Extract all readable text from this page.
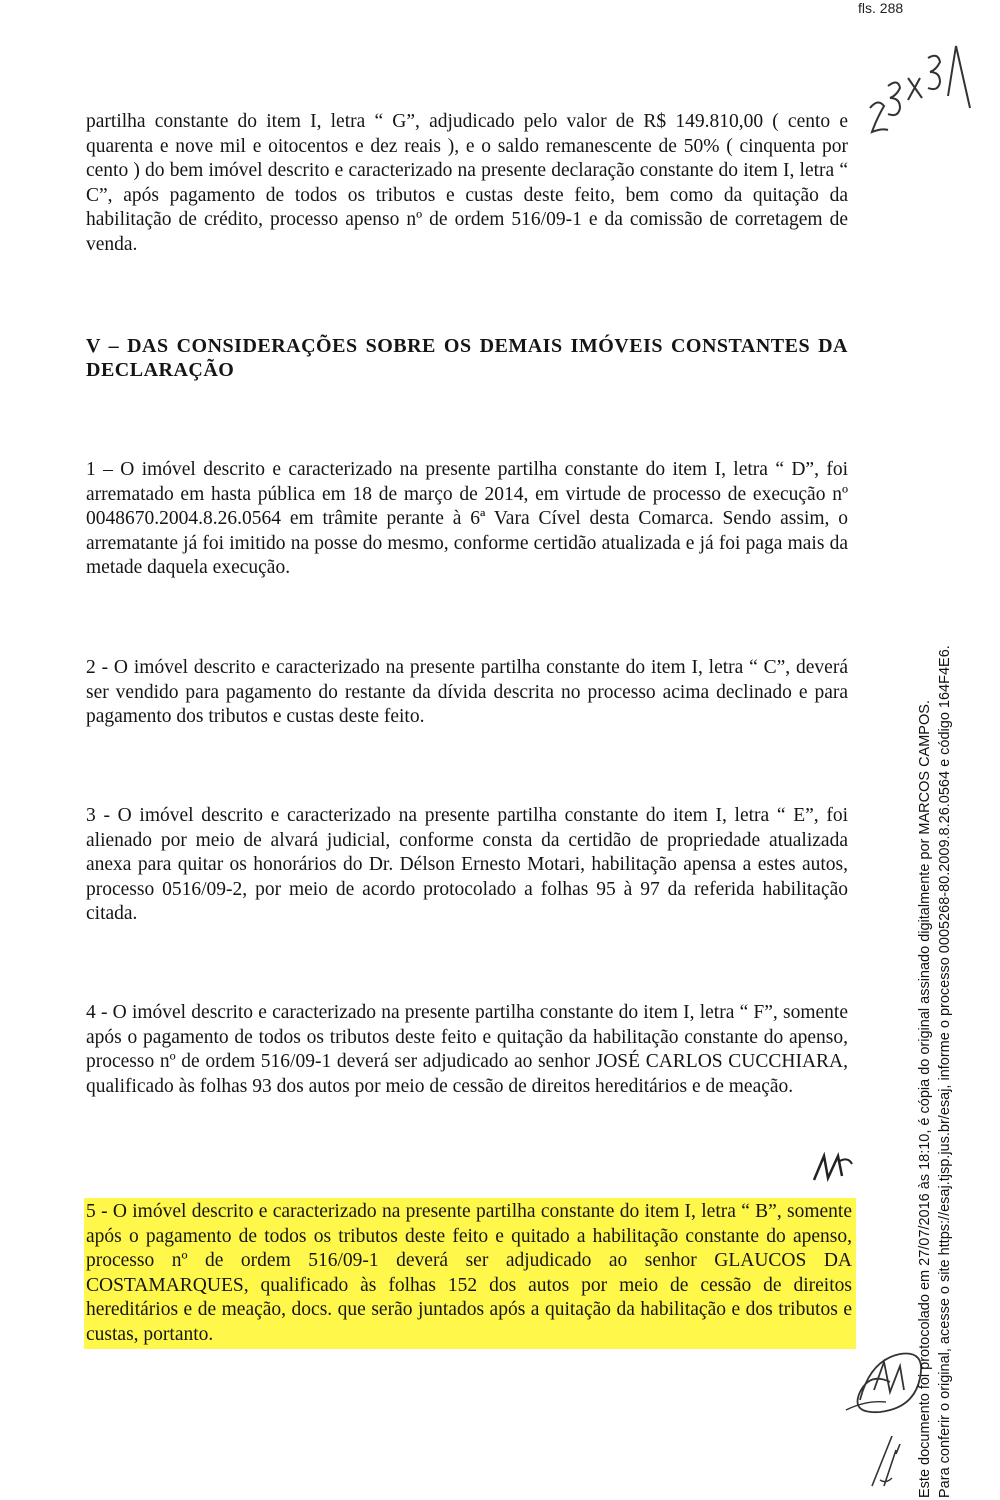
fls. 288

partilha constante do item I, letra “ G”, adjudicado pelo valor de R$ 149.810,00 ( cento e quarenta e nove mil e oitocentos e dez reais ), e o saldo remanescente de 50% ( cinquenta por cento ) do bem imóvel descrito e caracterizado na presente declaração constante do item I, letra “ C”, após pagamento de todos os tributos e custas deste feito, bem como da quitação da habilitação de crédito, processo apenso nº de ordem 516/09-1 e da comissão de corretagem de venda.

V – DAS CONSIDERAÇÕES SOBRE OS DEMAIS IMÓVEIS CONSTANTES DA DECLARAÇÃO

1 – O imóvel descrito e caracterizado na presente partilha constante do item I, letra “ D”, foi arrematado em hasta pública em 18 de março de 2014, em virtude de processo de execução nº 0048670.2004.8.26.0564 em trâmite perante à 6ª Vara Cível desta Comarca. Sendo assim, o arrematante já foi imitido na posse do mesmo, conforme certidão atualizada e já foi paga mais da metade daquela execução.

2 - O imóvel descrito e caracterizado na presente partilha constante do item I, letra “ C”, deverá ser vendido para pagamento do restante da dívida descrita no processo acima declinado e para pagamento dos tributos e custas deste feito.

3 - O imóvel descrito e caracterizado na presente partilha constante do item I, letra “ E”, foi alienado por meio de alvará judicial, conforme consta da certidão de propriedade atualizada anexa para quitar os honorários do Dr. Délson Ernesto Motari, habilitação apensa a estes autos, processo 0516/09-2, por meio de acordo protocolado a folhas 95 à 97 da referida habilitação citada.

4 - O imóvel descrito e caracterizado na presente partilha constante do item I, letra “ F”, somente após o pagamento de todos os tributos deste feito e quitação da habilitação constante do apenso, processo nº de ordem 516/09-1 deverá ser adjudicado ao senhor JOSÉ CARLOS CUCCHIARA, qualificado às folhas 93 dos autos por meio de cessão de direitos hereditários e de meação.

5 - O imóvel descrito e caracterizado na presente partilha constante do item I, letra “ B”, somente após o pagamento de todos os tributos deste feito e quitado a habilitação constante do apenso, processo nº de ordem 516/09-1 deverá ser adjudicado ao senhor GLAUCOS DA COSTAMARQUES, qualificado às folhas 152 dos autos por meio de cessão de direitos hereditários e de meação, docs. que serão juntados após a quitação da habilitação e dos tributos e custas, portanto.	Este documento foi protocolado em 27/07/2016 às 18:10, é cópia do original assinado digitalmente por MARCOS CAMPOS. Para conferir o original, acesse o site https://esaj.tjsp.jus.br/esaj, informe o processo 0005268-80.2009.8.26.0564 e código 164F4E6.
